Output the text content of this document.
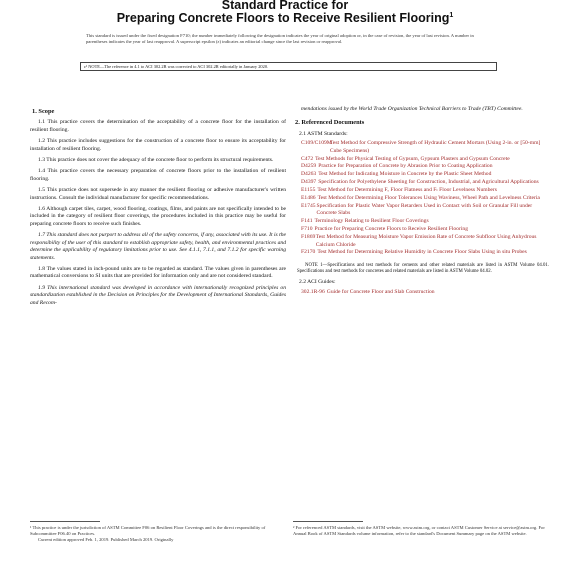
Standard Practice for
Preparing Concrete Floors to Receive Resilient Flooring$^1$
This standard is issued under the fixed designation F710; the number immediately following the designation indicates the year of original adoption or, in the case of revision, the year of last revision. A number in parentheses indicates the year of last reapproval. A superscript epsilon (ε) indicates an editorial change since the last revision or reapproval.
ε¹ NOTE—The reference in 4.1 to ACI 302.2R was corrected to ACI 302.2R editorially in January 2020.
1. Scope
1.1 This practice covers the determination of the acceptability of a concrete floor for the installation of resilient flooring.
1.2 This practice includes suggestions for the construction of a concrete floor to ensure its acceptability for installation of resilient flooring.
1.3 This practice does not cover the adequacy of the concrete floor to perform its structural requirements.
1.4 This practice covers the necessary preparation of concrete floors prior to the installation of resilient flooring.
1.5 This practice does not supersede in any manner the resilient flooring or adhesive manufacturer's written instructions. Consult the individual manufacturer for specific recommendations.
1.6 Although carpet tiles, carpet, wood flooring, coatings, films, and paints are not specifically intended to be included in the category of resilient floor coverings, the procedures included in this practice may be useful for preparing concrete floors to receive such finishes.
1.7 This standard does not purport to address all of the safety concerns, if any, associated with its use. It is the responsibility of the user of this standard to establish appropriate safety, health, and environmental practices and determine the applicability of regulatory limitations prior to use. See 4.1.1, 7.1.1, and 7.1.2 for specific warning statements.
1.8 The values stated in inch-pound units are to be regarded as standard. The values given in parentheses are mathematical conversions to SI units that are provided for information only and are not considered standard.
1.9 This international standard was developed in accordance with internationally recognized principles on standardization established in the Decision on Principles for the Development of International Standards, Guides and Recom-
mendations issued by the World Trade Organization Technical Barriers to Trade (TBT) Committee.
2. Referenced Documents
2.1 ASTM Standards:
C109/C109M
Test Method for Compressive Strength of Hydraulic Cement Mortars (Using 2-in. or [50-mm] Cube Specimens)
C472 Test Methods for Physical Testing of Gypsum, Gypsum Plasters and Gypsum Concrete
D4259 Practice for Preparation of Concrete by Abrasion Prior to Coating Application
D4263 Test Method for Indicating Moisture in Concrete by the Plastic Sheet Method
D4397 Specification for Polyethylene Sheeting for Construction, Industrial, and Agricultural Applications
E1155 Test Method for Determining Fₒ Floor Flatness and Fₗ Floor Levelness Numbers
E1486 Test Method for Determining Floor Tolerances Using Waviness, Wheel Path and Levelness Criteria
E1745 Specification for Plastic Water Vapor Retarders Used in Contact with Soil or Granular Fill under Concrete Slabs
F141 Terminology Relating to Resilient Floor Coverings
F710 Practice for Preparing Concrete Floors to Receive Resilient Flooring
F1869 Test Method for Measuring Moisture Vapor Emission Rate of Concrete Subfloor Using Anhydrous Calcium Chloride
F2170 Test Method for Determining Relative Humidity in Concrete Floor Slabs Using in situ Probes
NOTE 1—Specifications and test methods for cements and other related materials are listed in ASTM Volume 04.01. Specifications and test methods for concretes and related materials are listed in ASTM Volume 04.02.
2.2 ACI Guides:
302.1R-96 Guide for Concrete Floor and Slab Construction
¹ This practice is under the jurisdiction of ASTM Committee F06 on Resilient Floor Coverings and is the direct responsibility of Subcommittee F06.40 on Practices.
Current edition approved Feb. 1, 2019. Published March 2019. Originally
² For referenced ASTM standards, visit the ASTM website, www.astm.org, or contact ASTM Customer Service at service@astm.org. For Annual Book of ASTM Standards volume information, refer to the standard's Document Summary page on the ASTM website.
